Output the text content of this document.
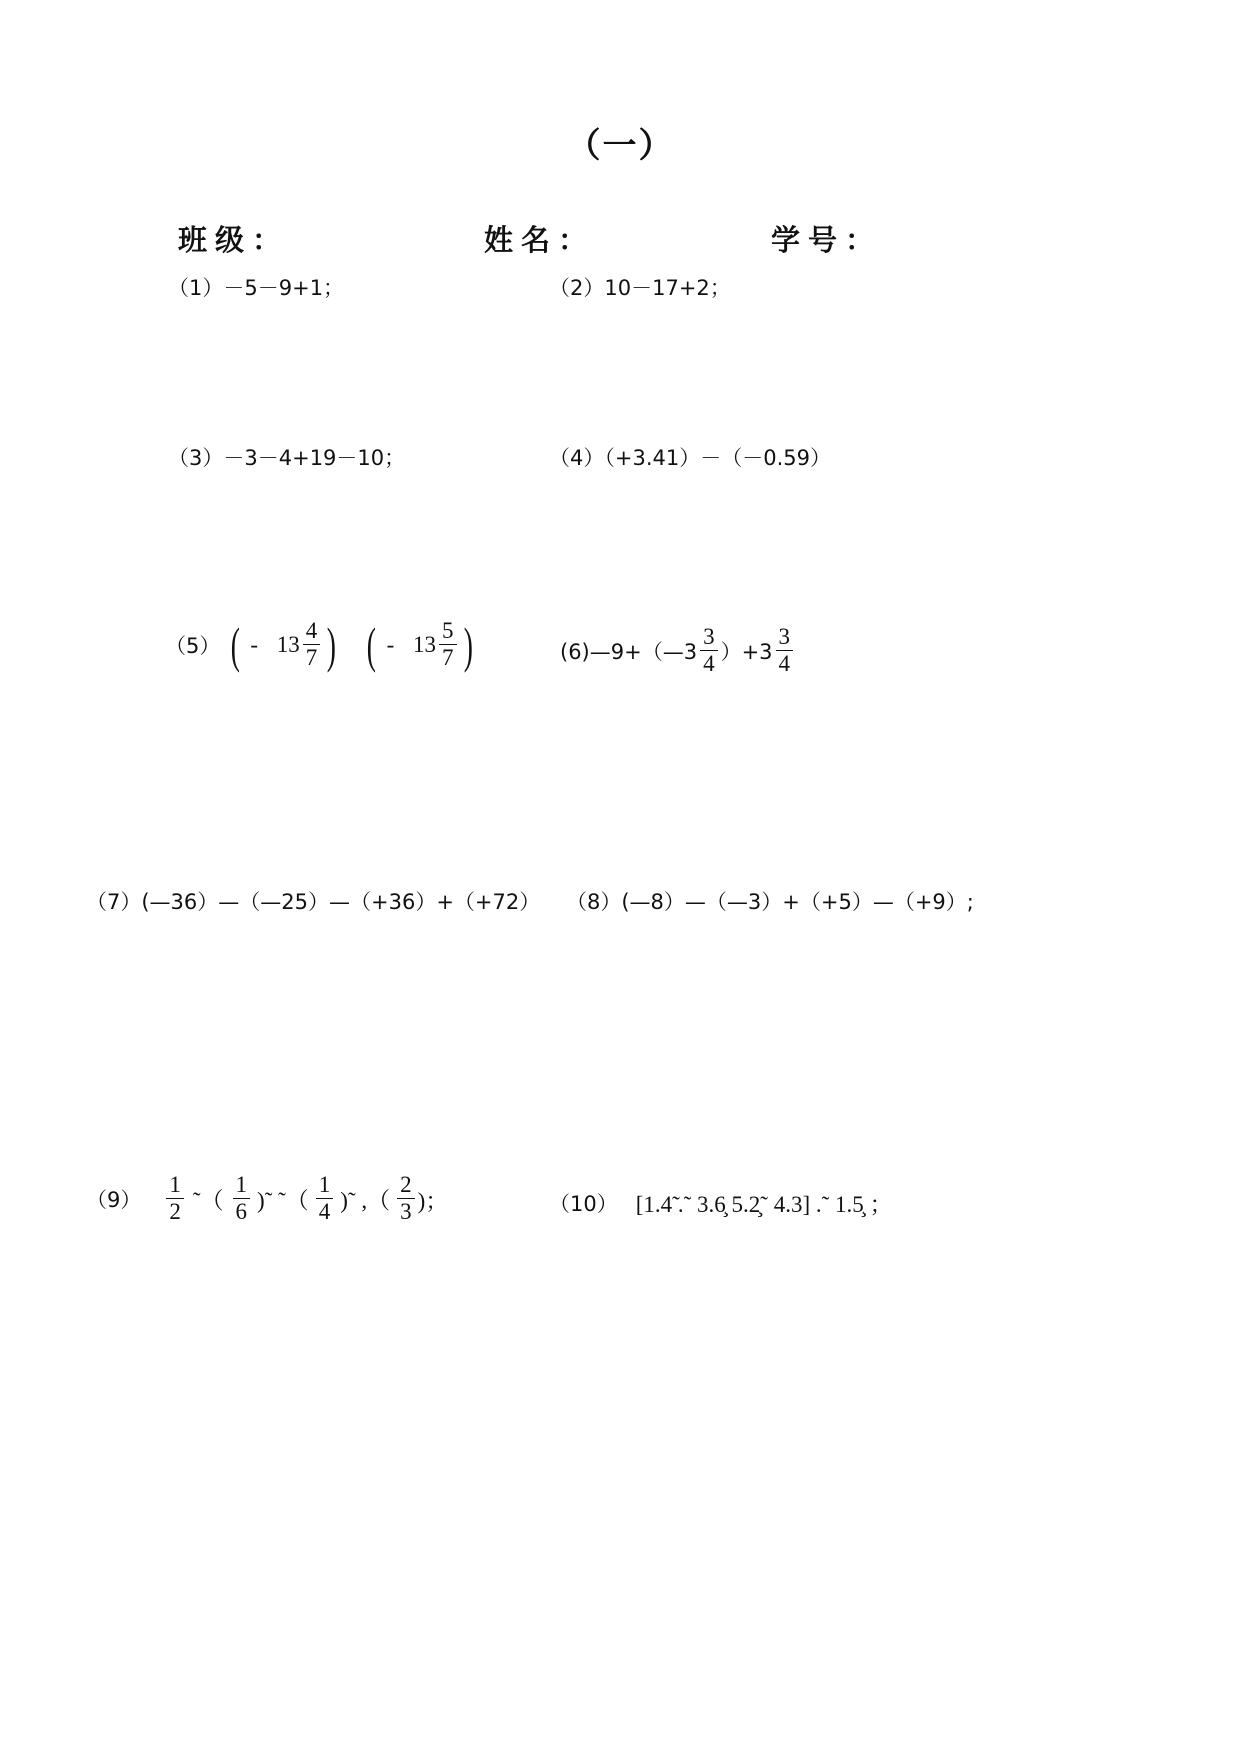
（一）
班级：	姓名：	学号：
（1）－5－9+1；	（2）10－17+2；
（3）－3－4+19－10；	（4）（+3.41）－（－0.59）
（5） ( - $13 \frac{4}{7}$ ) ( - $13 \frac{5}{7}$ )	(6)—9+（—3 $\frac{3}{4} )+3 \frac{3}{4}$
（7）(—36）—（—25）—（+36）+（+72） （8）(—8）—（—3）+（+5）—（+9）;
$(9) \frac{1}{2}$ ˜（ $\frac{1}{6}$ )˜ ˜（ $\frac{1}{4}$ )˜ ,（ $\frac{2}{3}$ )；	（10） [1.4̃ .˜ 3.6̧ 5.2̧˜ 4.3] .˜ 1.5̧ ；
